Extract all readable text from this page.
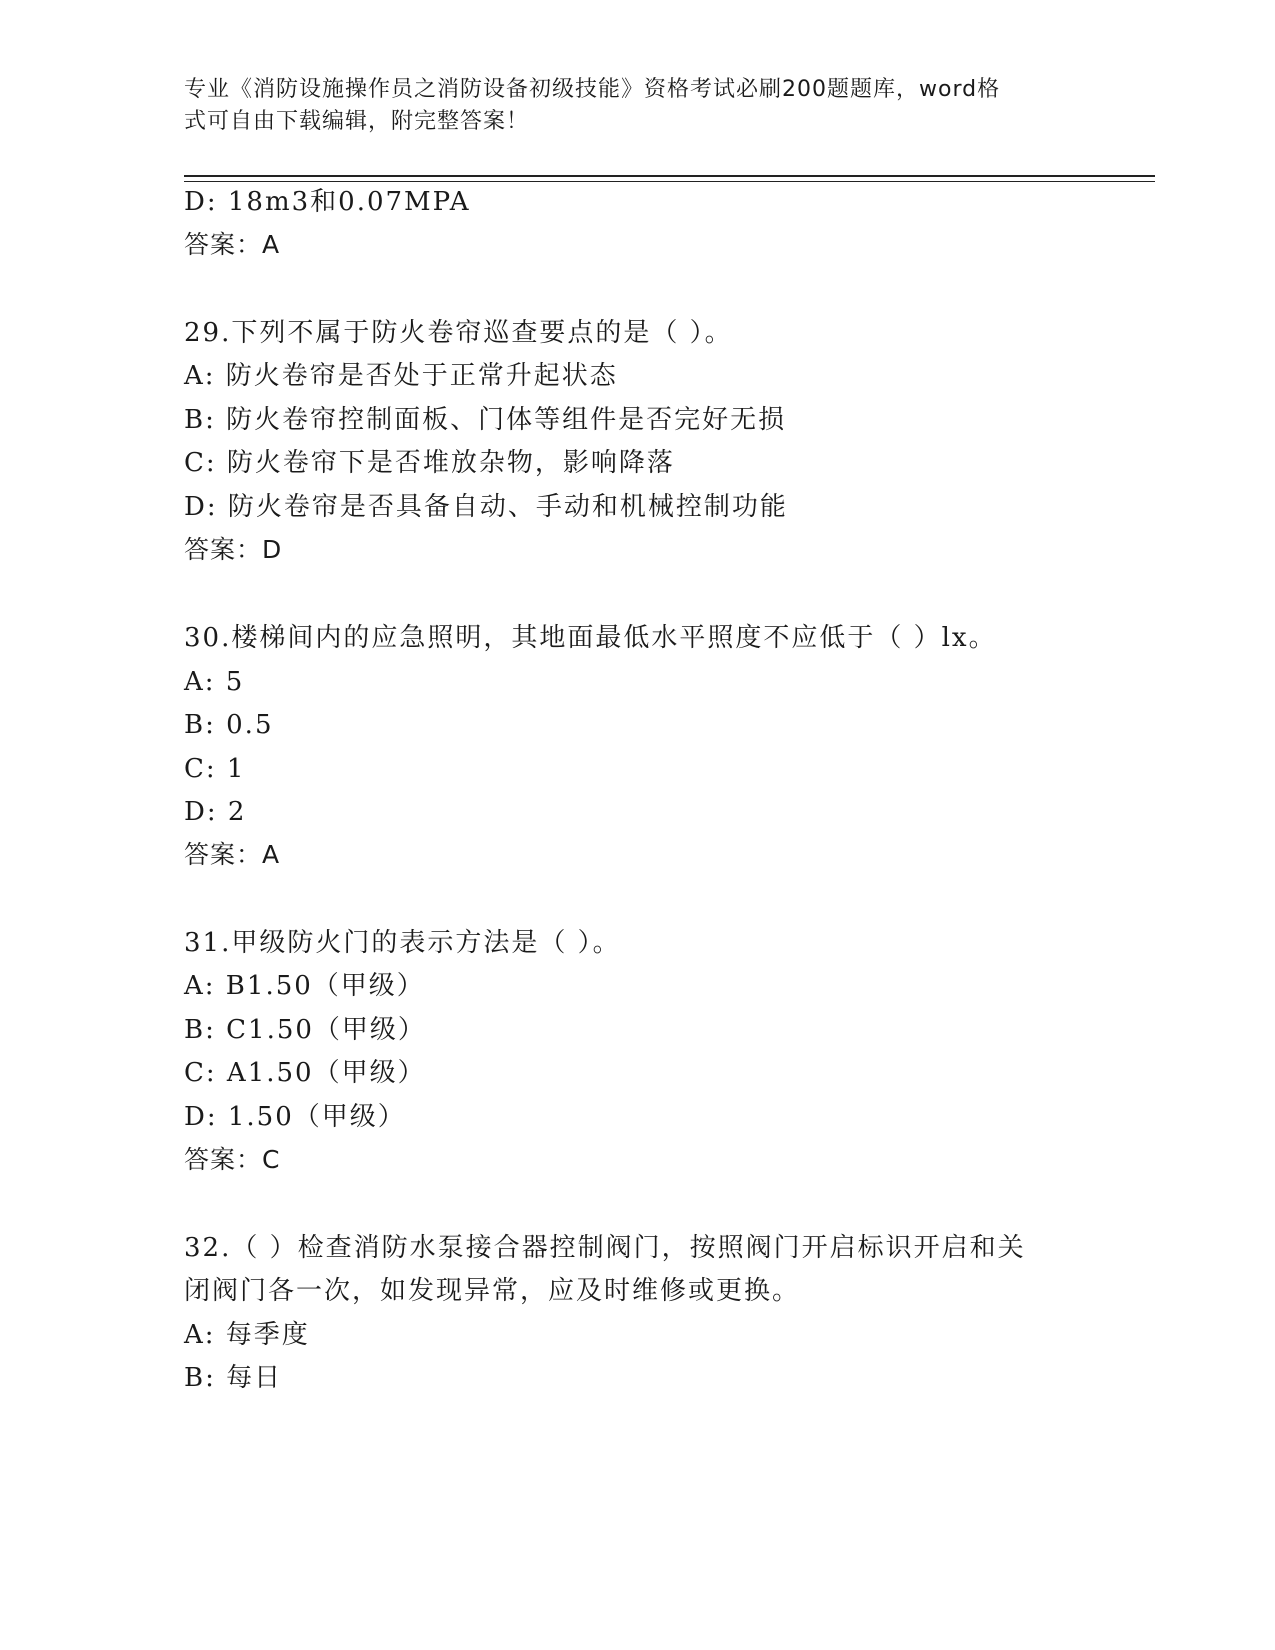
专业《消防设施操作员之消防设备初级技能》资格考试必刷200题题库，word格
式可自由下载编辑，附完整答案！
D: 18m3和0.07MPA
答案：A
29.下列不属于防火卷帘巡查要点的是（ ）。
A: 防火卷帘是否处于正常升起状态
B: 防火卷帘控制面板、门体等组件是否完好无损
C: 防火卷帘下是否堆放杂物，影响降落
D: 防火卷帘是否具备自动、手动和机械控制功能
答案：D
30.楼梯间内的应急照明，其地面最低水平照度不应低于（ ）lx。
A: 5
B: 0.5
C: 1
D: 2
答案：A
31.甲级防火门的表示方法是（ ）。
A: B1.50（甲级）
B: C1.50（甲级）
C: A1.50（甲级）
D: 1.50（甲级）
答案：C
32.（ ）检查消防水泵接合器控制阀门，按照阀门开启标识开启和关
闭阀门各一次，如发现异常，应及时维修或更换。
A: 每季度
B: 每日
